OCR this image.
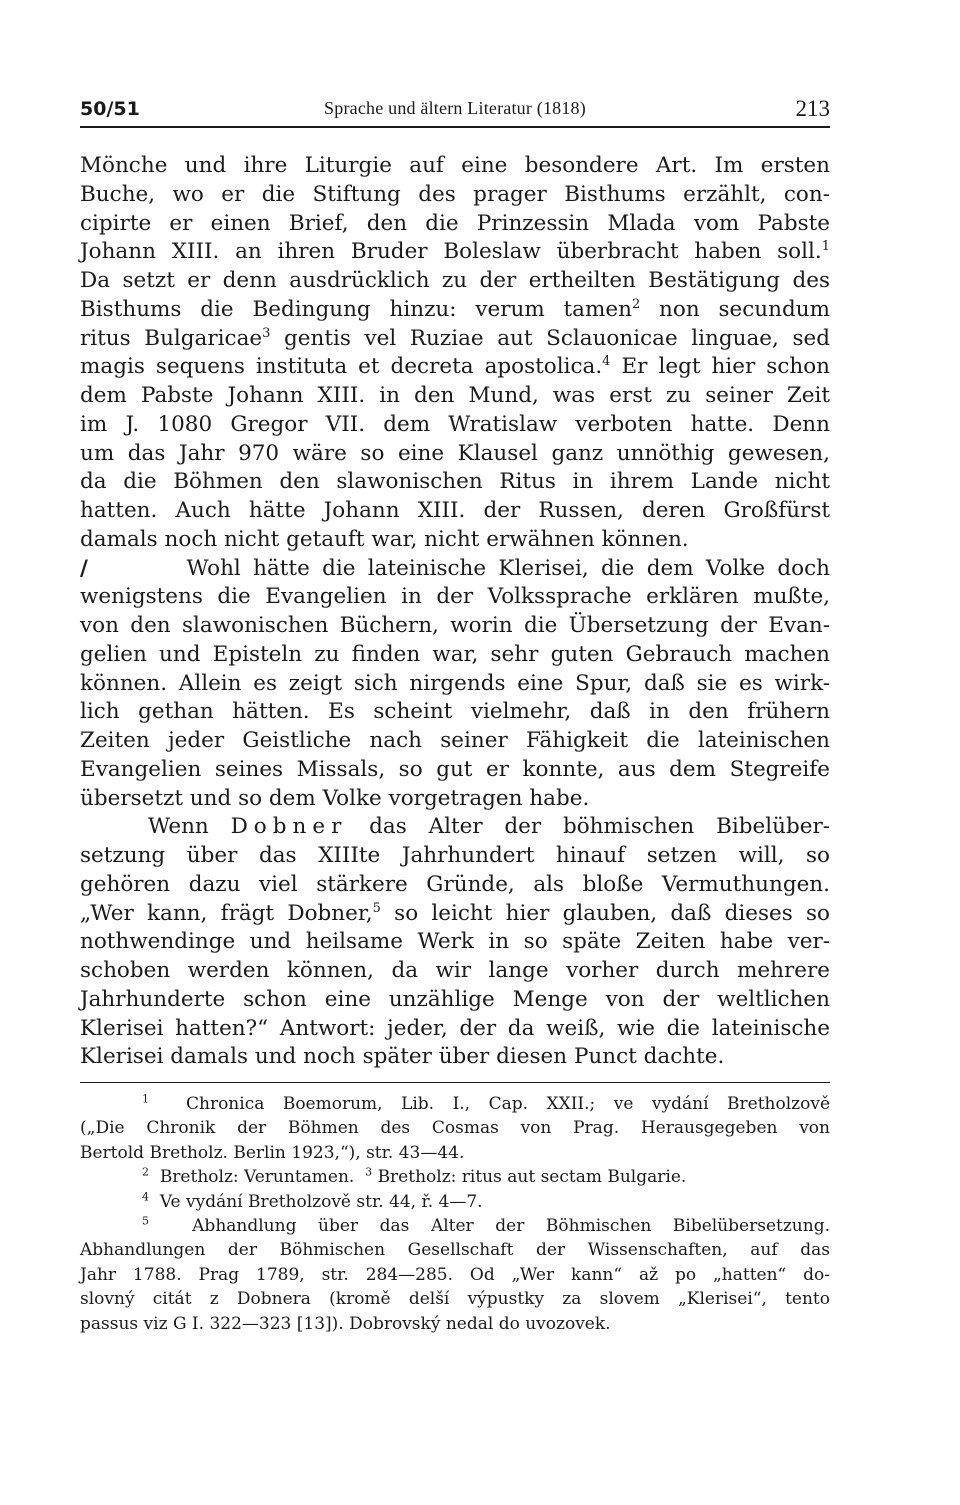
50/51	Sprache und ältern Literatur (1818)	213
Mönche und ihre Liturgie auf eine besondere Art. Im ersten
Buche, wo er die Stiftung des prager Bisthums erzählt, con-
cipirte er einen Brief, den die Prinzessin Mlada vom Pabste
Johann XIII. an ihren Bruder Boleslaw überbracht haben soll.$^1$
Da setzt er denn ausdrücklich zu der ertheilten Bestätigung des
Bisthums die Bedingung hinzu: verum tamen$^2$ non secundum
ritus Bulgaricae$^3$ gentis vel Ruziae aut Sclauonicae linguae, sed
magis sequens instituta et decreta apostolica.$^4$ Er legt hier schon
dem Pabste Johann XIII. in den Mund, was erst zu seiner Zeit
im J. 1080 Gregor VII. dem Wratislaw verboten hatte. Denn
um das Jahr 970 wäre so eine Klausel ganz unnöthig gewesen,
da die Böhmen den slawonischen Ritus in ihrem Lande nicht
hatten. Auch hätte Johann XIII. der Russen, deren Großfürst
damals noch nicht getauft war, nicht erwähnen können.
/	Wohl hätte die lateinische Klerisei, die dem Volke doch
wenigstens die Evangelien in der Volkssprache erklären mußte,
von den slawonischen Büchern, worin die Übersetzung der Evan-
gelien und Episteln zu finden war, sehr guten Gebrauch machen
können. Allein es zeigt sich nirgends eine Spur, daß sie es wirk-
lich gethan hätten. Es scheint vielmehr, daß in den frühern
Zeiten jeder Geistliche nach seiner Fähigkeit die lateinischen
Evangelien seines Missals, so gut er konnte, aus dem Stegreife
übersetzt und so dem Volke vorgetragen habe.
Wenn Dobner das Alter der böhmischen Bibelüber-
setzung über das XIIIte Jahrhundert hinauf setzen will, so
gehören dazu viel stärkere Gründe, als bloße Vermuthungen.
„Wer kann, frägt Dobner,$^5$ so leicht hier glauben, daß dieses so
nothwendinge und heilsame Werk in so späte Zeiten habe ver-
schoben werden können, da wir lange vorher durch mehrere
Jahrhunderte schon eine unzählige Menge von der weltlichen
Klerisei hatten?“ Antwort: jeder, der da weiß, wie die lateinische
Klerisei damals und noch später über diesen Punct dachte.
$^1$ Chronica Boemorum, Lib. I., Cap. XXII.; ve vydání Bretholzově
(„Die Chronik der Böhmen des Cosmas von Prag. Herausgegeben von
Bertold Bretholz. Berlin 1923,“), str. 43—44.
$^2$ Bretholz: Veruntamen. $^3$ Bretholz: ritus aut sectam Bulgarie.
$^4$ Ve vydání Bretholzově str. 44, ř. 4—7.
$^5$	Abhandlung über das Alter der Böhmischen Bibelübersetzung.
Abhandlungen der Böhmischen Gesellschaft der Wissenschaften, auf das
Jahr 1788. Prag 1789, str. 284—285. Od „Wer kann“ až po „hatten“ do-
slovný citát z Dobnera (kromě delší výpustky za slovem „Klerisei“, tento
passus viz G I. 322—323 [13]). Dobrovský nedal do uvozovek.
